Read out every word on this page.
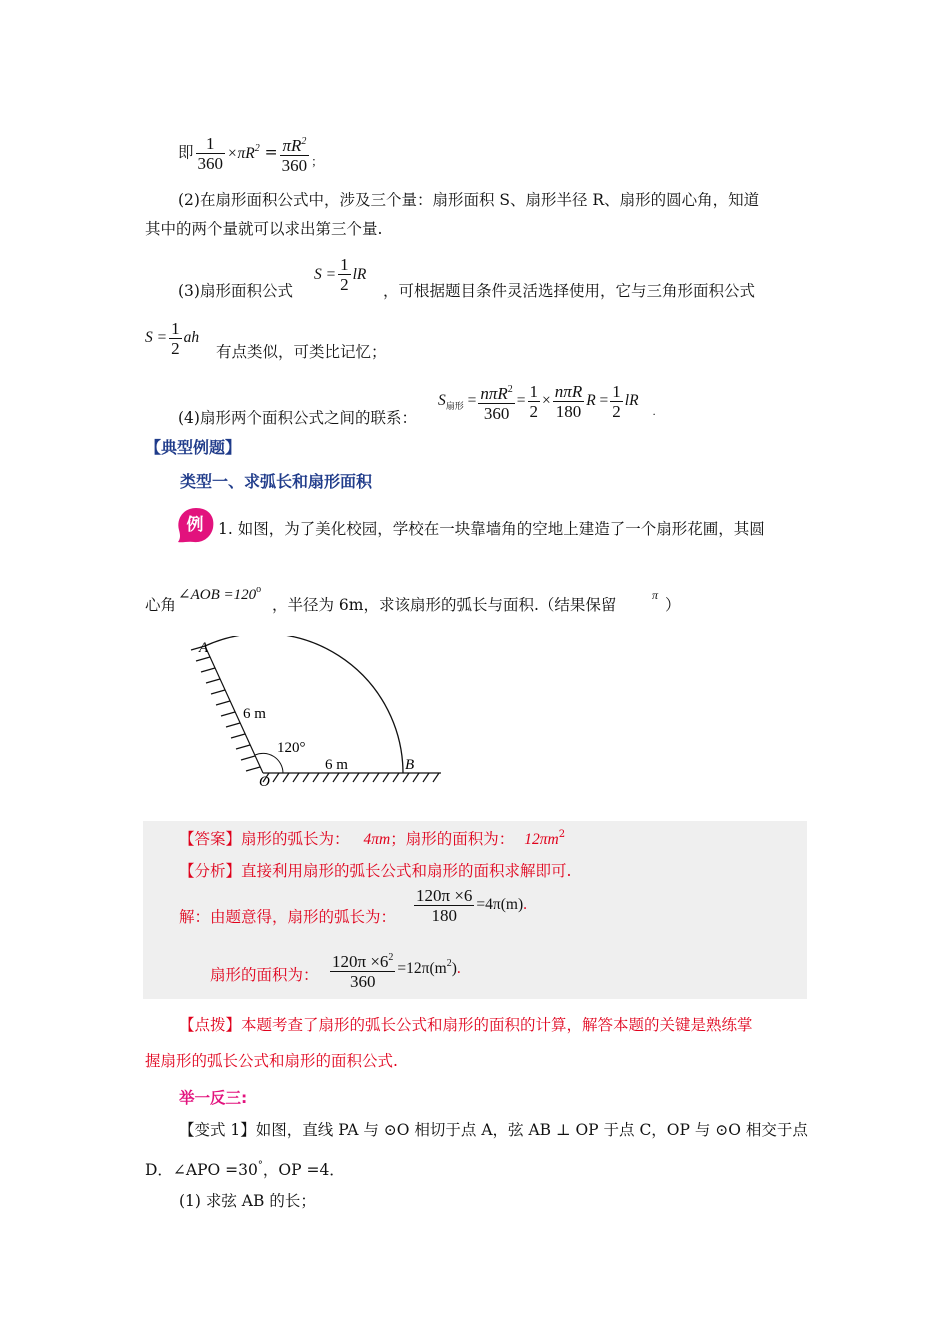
即 $\frac{1}{360} \times\pi R^2 = \frac{\pi R^2}{360} _;$
(2)在扇形面积公式中，涉及三个量：扇形面积 S、扇形半径 R、扇形的圆心角，知道
其中的两个量就可以求出第三个量.
$S = \frac{1}{2}$ lR
(3)扇形面积公式	，可根据题目条件灵活选择使用，它与三角形面积公式
$S = \frac{1}{2}$ ah
有点类似，可类比记忆；
(4)扇形两个面积公式之间的联系：
$S_{扇形} = \frac{n\pi R^2}{360} = \frac{1}{2} \times \frac{\text{nπR}}{180}$ $R = \frac{1}{2} lR_.$
【典型例题】
类型一、求弧长和扇形面积
例 1. 如图，为了美化校园，学校在一块靠墙角的空地上建造了一个扇形花圃，其圆
∠AOB $=120^o$
心角	，半径为 6m，求该扇形的弧长与面积.（结果保留
π
）
A
O
B
6 m
6 m
120°
【答案】扇形的弧长为： 4πm；扇形的面积为： $12\pi m^2$
【分析】直接利用扇形的弧长公式和扇形的面积求解即可.
解：由题意得，扇形的弧长为： $\frac{120\pi \times 6}{180} =4\pi(m)$.
扇形的面积为： $\frac{120\pi \times 6^2}{360} =12\pi(m^2)$.
【点拨】本题考查了扇形的弧长公式和扇形的面积的计算，解答本题的关键是熟练掌
握扇形的弧长公式和扇形的面积公式.
举一反三:
【变式 1】如图，直线 PA 与 ⊙O 相切于点 A，弦 AB ⊥ OP 于点 C，OP 与 ⊙O 相交于点
D．∠APO =30°，OP =4．
(1) 求弦 AB 的长；
